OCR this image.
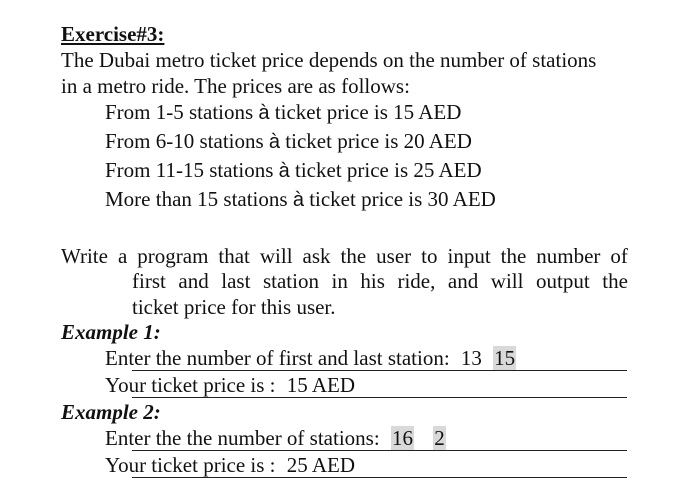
Exercise#3:
The Dubai metro ticket price depends on the number of stations
in a metro ride. The prices are as follows:
From 1-5 stations à ticket price is 15 AED
From 6-10 stations à ticket price is 20 AED
From 11-15 stations à ticket price is 25 AED
More than 15 stations à ticket price is 30 AED
Write a program that will ask the user to input the number of
first and last station in his ride, and will output the
ticket price for this user.
Example 1:
Enter the number of first and last station: 13 15
Your ticket price is : 15 AED
Example 2:
Enter the the number of stations: 16 2
Your ticket price is : 25 AED
